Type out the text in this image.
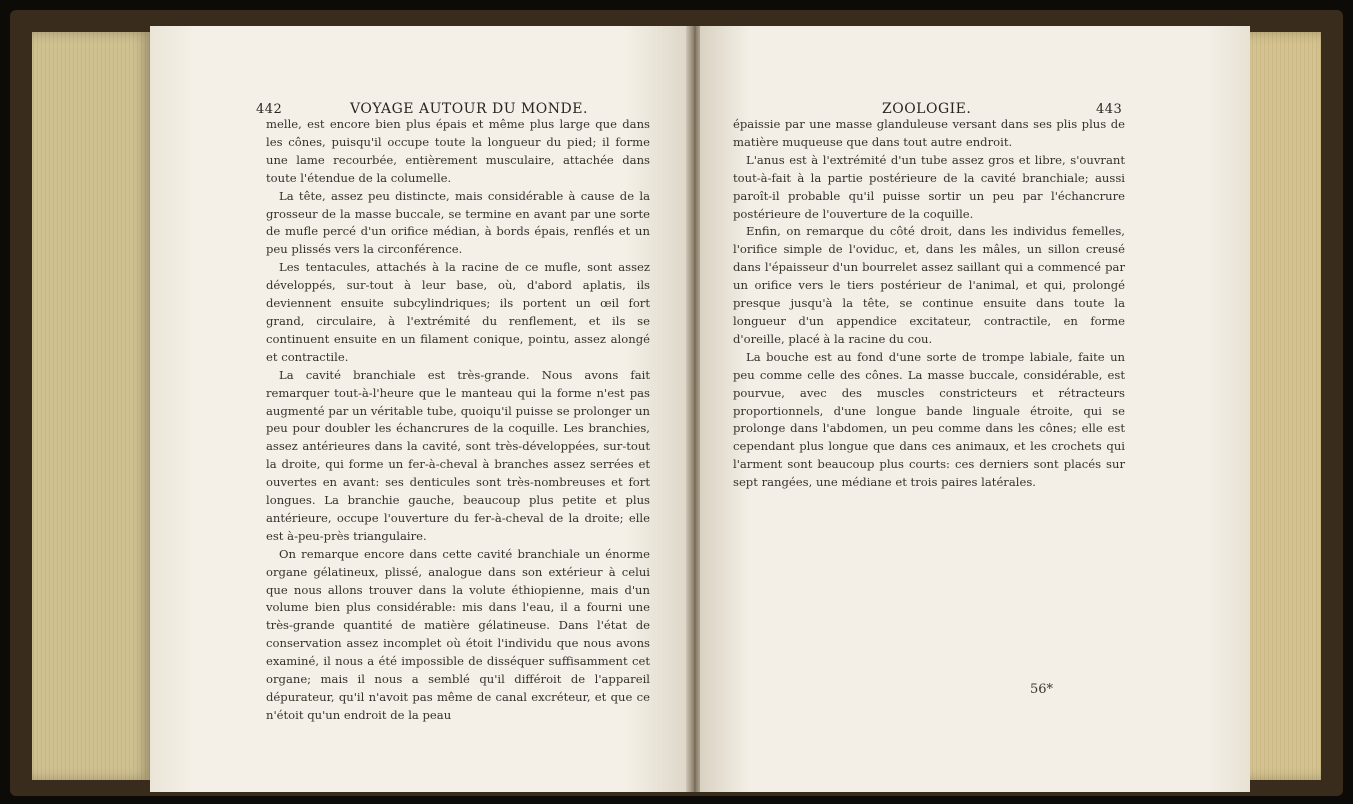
442	VOYAGE AUTOUR DU MONDE.

melle, est encore bien plus épais et même plus large que dans les cônes, puisqu'il occupe toute la longueur du pied; il forme une lame recourbée, entièrement musculaire, attachée dans toute l'étendue de la columelle.

La tête, assez peu distincte, mais considérable à cause de la grosseur de la masse buccale, se termine en avant par une sorte de mufle percé d'un orifice médian, à bords épais, renflés et un peu plissés vers la circonférence.

Les tentacules, attachés à la racine de ce mufle, sont assez développés, sur-tout à leur base, où, d'abord aplatis, ils deviennent ensuite subcylindriques; ils portent un œil fort grand, circulaire, à l'extrémité du renflement, et ils se continuent ensuite en un filament conique, pointu, assez alongé et contractile.

La cavité branchiale est très-grande. Nous avons fait remarquer tout-à-l'heure que le manteau qui la forme n'est pas augmenté par un véritable tube, quoiqu'il puisse se prolonger un peu pour doubler les échancrures de la coquille. Les branchies, assez antérieures dans la cavité, sont très-développées, sur-tout la droite, qui forme un fer-à-cheval à branches assez serrées et ouvertes en avant: ses denticules sont très-nombreuses et fort longues. La branchie gauche, beaucoup plus petite et plus antérieure, occupe l'ouverture du fer-à-cheval de la droite; elle est à-peu-près triangulaire.

On remarque encore dans cette cavité branchiale un énorme organe gélatineux, plissé, analogue dans son extérieur à celui que nous allons trouver dans la volute éthiopienne, mais d'un volume bien plus considérable: mis dans l'eau, il a fourni une très-grande quantité de matière gélatineuse. Dans l'état de conservation assez incomplet où étoit l'individu que nous avons examiné, il nous a été impossible de disséquer suffisamment cet organe; mais il nous a semblé qu'il différoit de l'appareil dépurateur, qu'il n'avoit pas même de canal excréteur, et que ce n'étoit qu'un endroit de la peau

ZOOLOGIE.	443

épaissie par une masse glanduleuse versant dans ses plis plus de matière muqueuse que dans tout autre endroit.

L'anus est à l'extrémité d'un tube assez gros et libre, s'ouvrant tout-à-fait à la partie postérieure de la cavité branchiale; aussi paroît-il probable qu'il puisse sortir un peu par l'échancrure postérieure de l'ouverture de la coquille.

Enfin, on remarque du côté droit, dans les individus femelles, l'orifice simple de l'oviduc, et, dans les mâles, un sillon creusé dans l'épaisseur d'un bourrelet assez saillant qui a commencé par un orifice vers le tiers postérieur de l'animal, et qui, prolongé presque jusqu'à la tête, se continue ensuite dans toute la longueur d'un appendice excitateur, contractile, en forme d'oreille, placé à la racine du cou.

La bouche est au fond d'une sorte de trompe labiale, faite un peu comme celle des cônes. La masse buccale, considérable, est pourvue, avec des muscles constricteurs et rétracteurs proportionnels, d'une longue bande linguale étroite, qui se prolonge dans l'abdomen, un peu comme dans les cônes; elle est cependant plus longue que dans ces animaux, et les crochets qui l'arment sont beaucoup plus courts: ces derniers sont placés sur sept rangées, une médiane et trois paires latérales.

56*
